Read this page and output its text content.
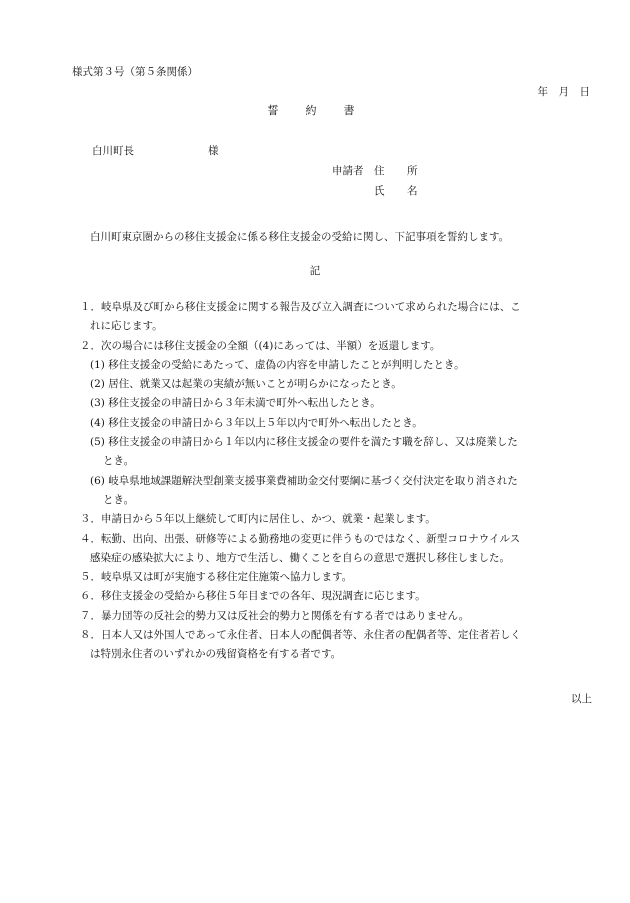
様式第３号（第５条関係）
年　月　日
誓　約　書
白川町長	様
申請者 住　所
氏　名
白川町東京圏からの移住支援金に係る移住支援金の受給に関し、下記事項を誓約します。
記
１．岐阜県及び町から移住支援金に関する報告及び立入調査について求められた場合には、こ
れに応じます。
２．次の場合には移住支援金の全額（(4)にあっては、半額）を返還します。
(1) 移住支援金の受給にあたって、虚偽の内容を申請したことが判明したとき。
(2) 居住、就業又は起業の実績が無いことが明らかになったとき。
(3) 移住支援金の申請日から３年未満で町外へ転出したとき。
(4) 移住支援金の申請日から３年以上５年以内で町外へ転出したとき。
(5) 移住支援金の申請日から１年以内に移住支援金の要件を満たす職を辞し、又は廃業した
とき。
(6) 岐阜県地域課題解決型創業支援事業費補助金交付要綱に基づく交付決定を取り消された
とき。
３．申請日から５年以上継続して町内に居住し、かつ、就業・起業します。
４．転勤、出向、出張、研修等による勤務地の変更に伴うものではなく、新型コロナウイルス
感染症の感染拡大により、地方で生活し、働くことを自らの意思で選択し移住しました。
５．岐阜県又は町が実施する移住定住施策へ協力します。
６．移住支援金の受給から移住５年目までの各年、現況調査に応じます。
７．暴力団等の反社会的勢力又は反社会的勢力と関係を有する者ではありません。
８．日本人又は外国人であって永住者、日本人の配偶者等、永住者の配偶者等、定住者若しく
は特別永住者のいずれかの残留資格を有する者です。
以上
